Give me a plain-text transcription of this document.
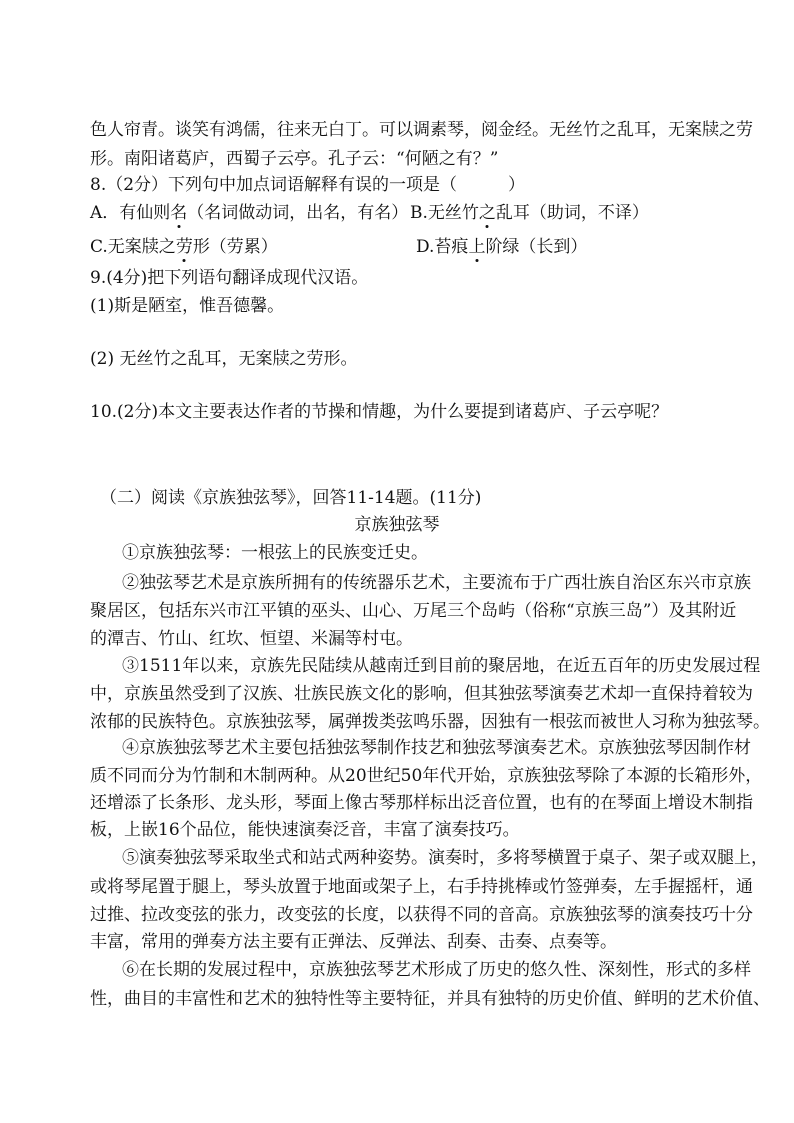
色人帘青。谈笑有鸿儒，往来无白丁。可以调素琴，阅金经。无丝竹之乱耳，无案牍之劳
形。南阳诸葛庐，西蜀子云亭。孔子云：“何陋之有？”
8.（2分）下列句中加点词语解释有误的一项是（　　　）
A．有仙则名（名词做动词，出名，有名） B.无丝竹之乱耳（助词，不译）
C.无案牍之劳形（劳累）	D.苔痕上阶绿（长到）
9.(4分)把下列语句翻译成现代汉语。
(1)斯是陋室，惟吾德馨。
(2) 无丝竹之乱耳，无案牍之劳形。
10.(2分)本文主要表达作者的节操和情趣，为什么要提到诸葛庐、子云亭呢？
（二）阅读《京族独弦琴》，回答11-14题。(11分)
京族独弦琴
①京族独弦琴：一根弦上的民族变迁史。
②独弦琴艺术是京族所拥有的传统器乐艺术，主要流布于广西壮族自治区东兴市京族
聚居区，包括东兴市江平镇的巫头、山心、万尾三个岛屿（俗称“京族三岛”）及其附近
的潭吉、竹山、红坎、恒望、米漏等村屯。
③1511年以来，京族先民陆续从越南迁到目前的聚居地，在近五百年的历史发展过程
中，京族虽然受到了汉族、壮族民族文化的影响，但其独弦琴演奏艺术却一直保持着较为
浓郁的民族特色。京族独弦琴，属弹拨类弦鸣乐器，因独有一根弦而被世人习称为独弦琴。
④京族独弦琴艺术主要包括独弦琴制作技艺和独弦琴演奏艺术。京族独弦琴因制作材
质不同而分为竹制和木制两种。从20世纪50年代开始，京族独弦琴除了本源的长箱形外，
还增添了长条形、龙头形，琴面上像古琴那样标出泛音位置，也有的在琴面上增设木制指
板，上嵌16个品位，能快速演奏泛音，丰富了演奏技巧。
⑤演奏独弦琴采取坐式和站式两种姿势。演奏时，多将琴横置于桌子、架子或双腿上，
或将琴尾置于腿上，琴头放置于地面或架子上，右手持挑棒或竹签弹奏，左手握摇杆，通
过推、拉改变弦的张力，改变弦的长度，以获得不同的音高。京族独弦琴的演奏技巧十分
丰富，常用的弹奏方法主要有正弹法、反弹法、刮奏、击奏、点奏等。
⑥在长期的发展过程中，京族独弦琴艺术形成了历史的悠久性、深刻性，形式的多样
性，曲目的丰富性和艺术的独特性等主要特征，并具有独特的历史价值、鲜明的艺术价值、
